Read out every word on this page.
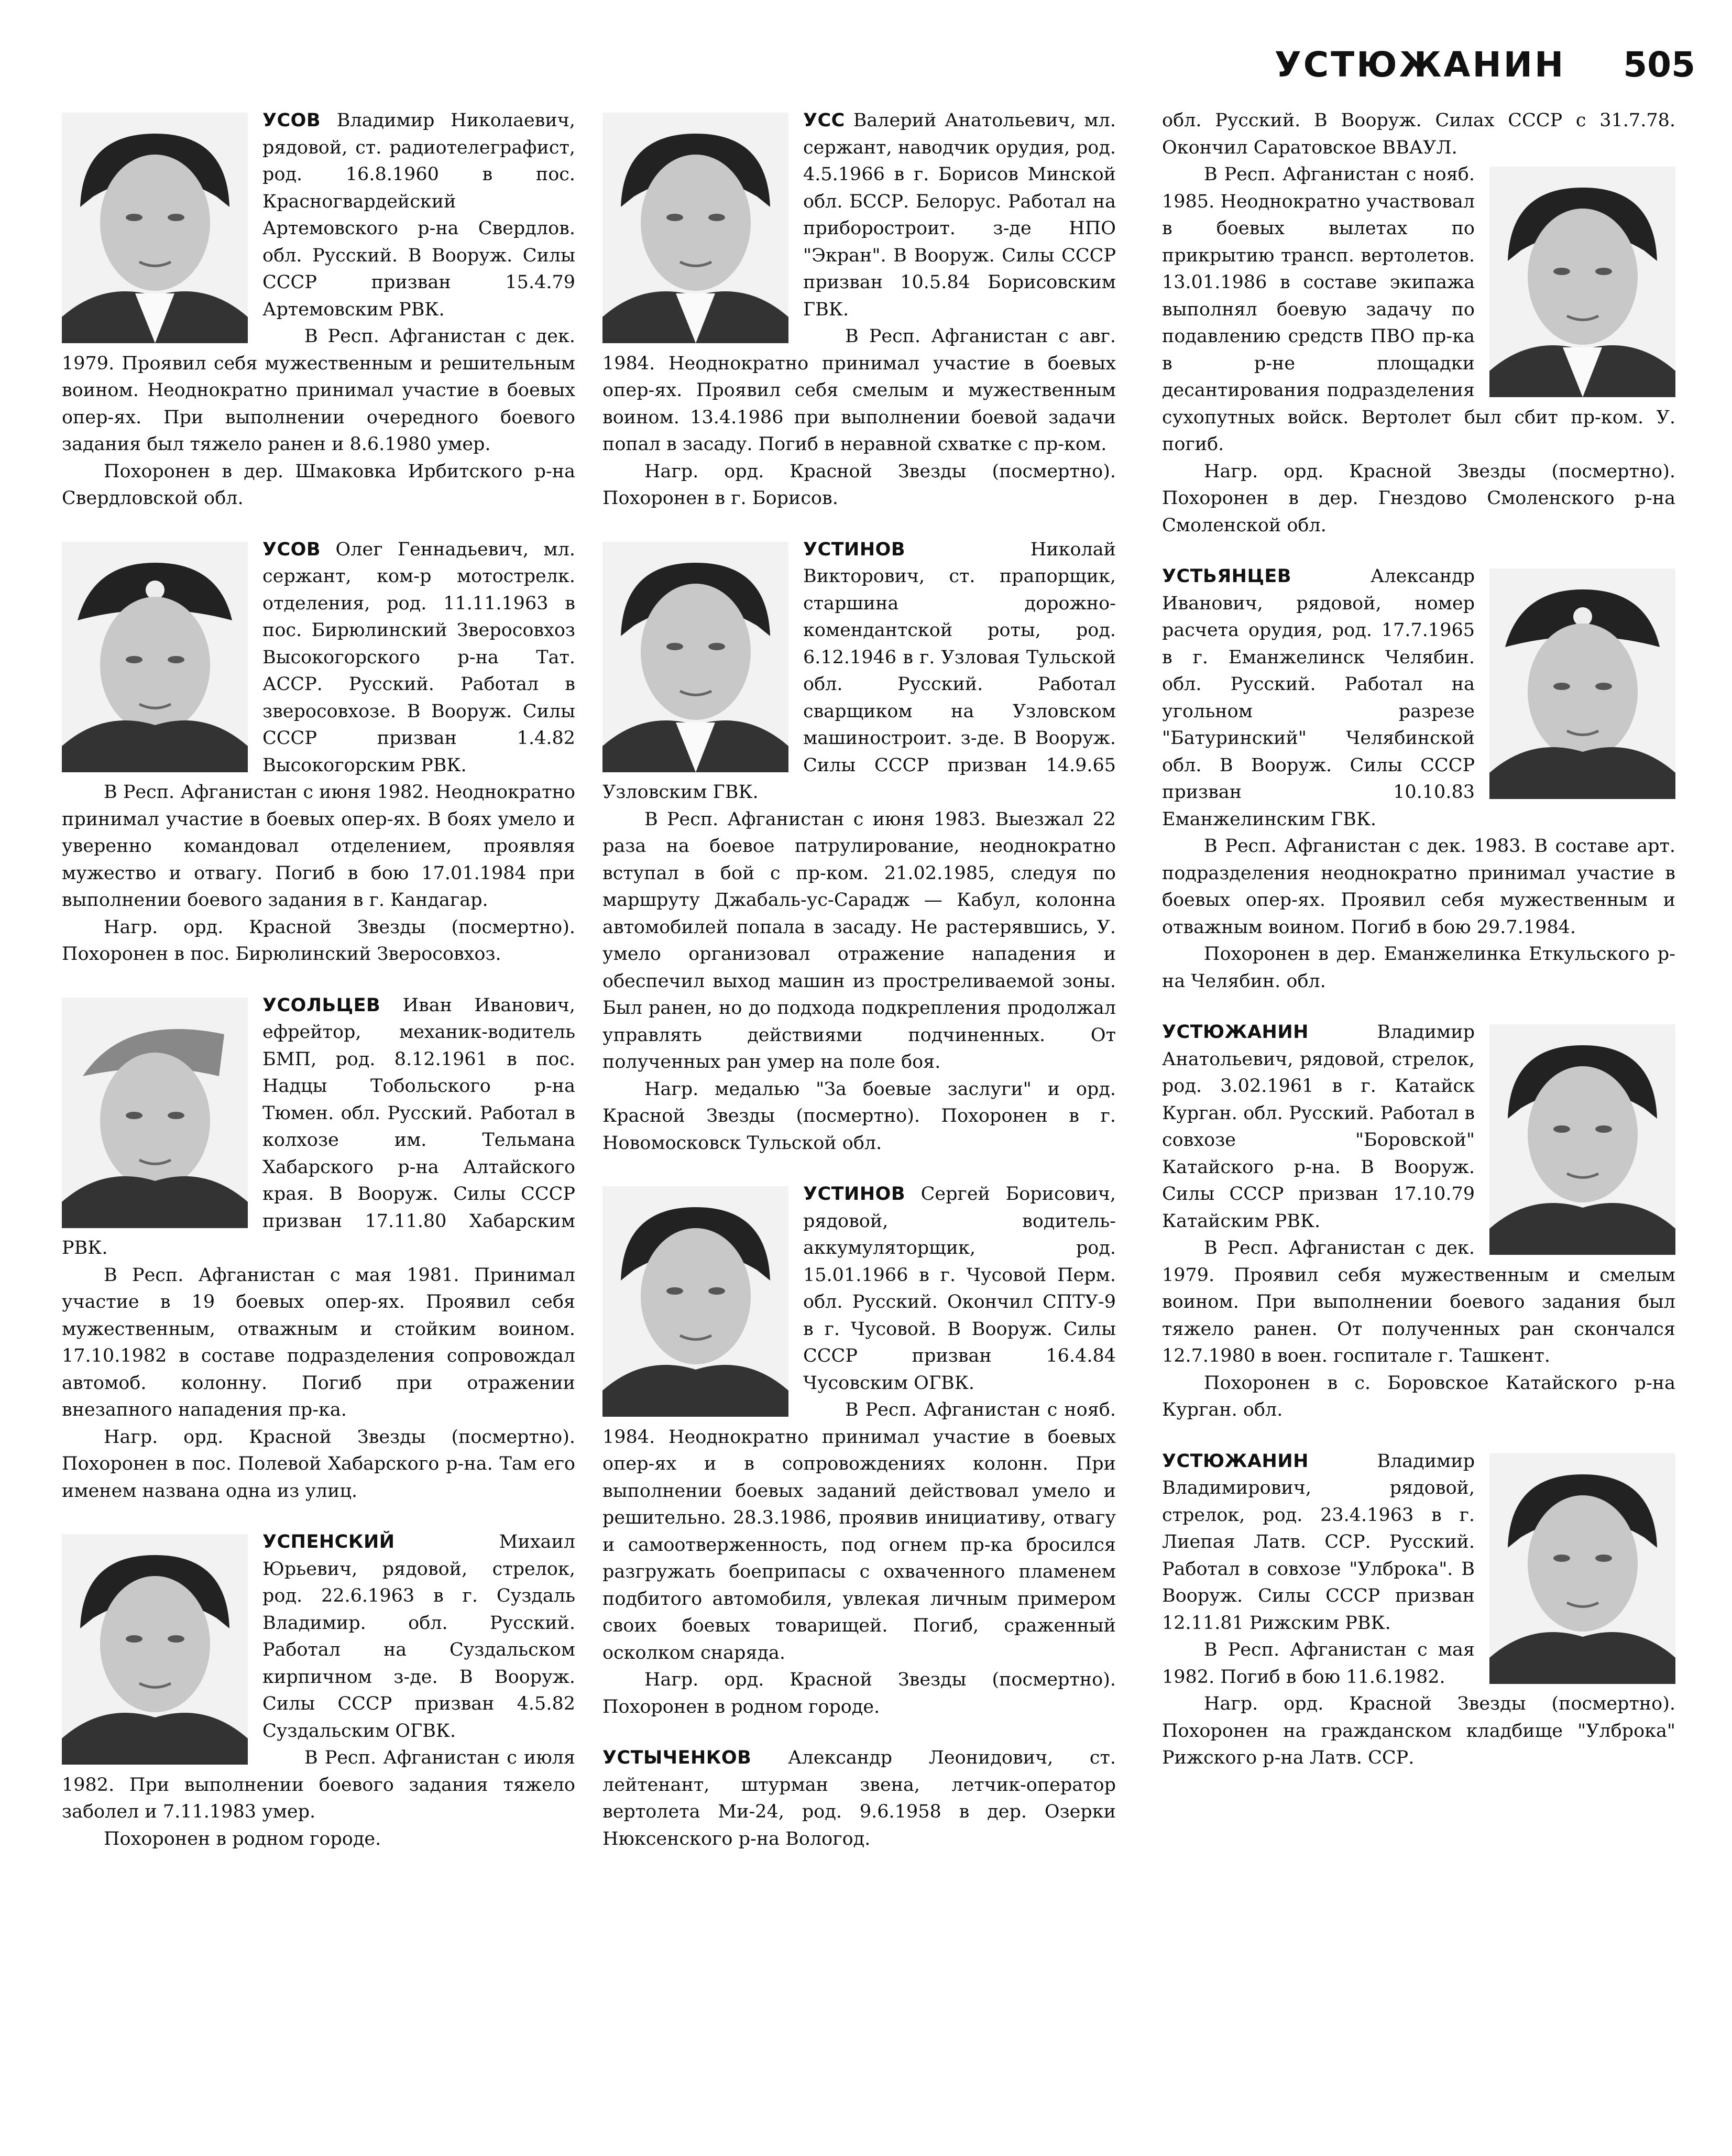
УСТЮЖАНИН 505

УСОВ Владимир Николаевич, рядовой, ст. радиотелеграфист, род. 16.8.1960 в пос. Красногвардейский Артемовского р-на Свердлов. обл. Русский. В Вооруж. Силы СССР призван 15.4.79 Артемовским РВК.

В Респ. Афганистан с дек. 1979. Проявил себя мужественным и решительным воином. Неоднократно принимал участие в боевых опер-ях. При выполнении очередного боевого задания был тяжело ранен и 8.6.1980 умер.

Похоронен в дер. Шмаковка Ирбитского р-на Свердловской обл.

УСОВ Олег Геннадьевич, мл. сержант, ком-р мотострелк. отделения, род. 11.11.1963 в пос. Бирюлинский Зверосовхоз Высокогорского р-на Тат. АССР. Русский. Работал в зверосовхозе. В Вооруж. Силы СССР призван 1.4.82 Высокогорским РВК.

В Респ. Афганистан с июня 1982. Неоднократно принимал участие в боевых опер-ях. В боях умело и уверенно командовал отделением, проявляя мужество и отвагу. Погиб в бою 17.01.1984 при выполнении боевого задания в г. Кандагар.

Нагр. орд. Красной Звезды (посмертно). Похоронен в пос. Бирюлинский Зверосовхоз.

УСОЛЬЦЕВ Иван Иванович, ефрейтор, механик-водитель БМП, род. 8.12.1961 в пос. Надцы Тобольского р-на Тюмен. обл. Русский. Работал в колхозе им. Тельмана Хабарского р-на Алтайского края. В Вооруж. Силы СССР призван 17.11.80 Хабарским РВК.

В Респ. Афганистан с мая 1981. Принимал участие в 19 боевых опер-ях. Проявил себя мужественным, отважным и стойким воином. 17.10.1982 в составе подразделения сопровождал автомоб. колонну. Погиб при отражении внезапного нападения пр-ка.

Нагр. орд. Красной Звезды (посмертно). Похоронен в пос. Полевой Хабарского р-на. Там его именем названа одна из улиц.

УСПЕНСКИЙ	Михаил Юрьевич, рядовой, стрелок, род. 22.6.1963 в г. Суздаль Владимир. обл. Русский. Работал на Суздальском кирпичном з-де. В Вооруж. Силы СССР призван 4.5.82 Суздальским ОГВК.

В Респ. Афганистан с июля 1982. При выполнении боевого задания тяжело заболел и 7.11.1983 умер.

Похоронен в родном городе.

УСС Валерий Анатольевич, мл. сержант, наводчик орудия, род. 4.5.1966 в г. Борисов Минской обл. БССР. Белорус. Работал на приборостроит. з-де НПО "Экран". В Вооруж. Силы СССР призван 10.5.84 Борисовским ГВК.

В Респ. Афганистан с авг. 1984. Неоднократно принимал участие в боевых опер-ях. Проявил себя смелым и мужественным воином. 13.4.1986 при выполнении боевой задачи попал в засаду. Погиб в неравной схватке с пр-ком.

Нагр. орд. Красной Звезды (посмертно). Похоронен в г. Борисов.

УСТИНОВ	Николай Викторович, ст. прапорщик, старшина дорожно-комендантской роты, род. 6.12.1946 в г. Узловая Тульской обл. Русский. Работал сварщиком на Узловском машиностроит. з-де. В Вооруж. Силы СССР призван 14.9.65 Узловским ГВК.

В Респ. Афганистан с июня 1983. Выезжал 22 раза на боевое патрулирование, неоднократно вступал в бой с пр-ком. 21.02.1985, следуя по маршруту Джабаль-ус-Сарадж — Кабул, колонна автомобилей попала в засаду. Не растерявшись, У. умело организовал отражение нападения и обеспечил выход машин из простреливаемой зоны. Был ранен, но до подхода подкрепления продолжал управлять действиями подчиненных. От полученных ран умер на поле боя.

Нагр. медалью "За боевые заслуги" и орд. Красной Звезды (посмертно). Похоронен в г. Новомосковск Тульской обл.

УСТИНОВ Сергей Борисович, рядовой, водитель-аккумуляторщик, род. 15.01.1966 в г. Чусовой Перм. обл. Русский. Окончил СПТУ-9 в г. Чусовой. В Вооруж. Силы СССР призван 16.4.84 Чусовским ОГВК.

В Респ. Афганистан с нояб. 1984. Неоднократно принимал участие в боевых опер-ях и в сопровождениях колонн. При выполнении боевых заданий действовал умело и решительно. 28.3.1986, проявив инициативу, отвагу и самоотверженность, под огнем пр-ка бросился разгружать боеприпасы с охваченного пламенем подбитого автомобиля, увлекая личным примером своих боевых товарищей. Погиб, сраженный осколком снаряда.

Нагр. орд. Красной Звезды (посмертно). Похоронен в родном городе.

УСТЫЧЕНКОВ Александр Леонидович, ст. лейтенант, штурман звена, летчик-оператор вертолета Ми-24, род. 9.6.1958 в дер. Озерки Нюксенского р-на Вологод.

обл. Русский. В Вооруж. Силах СССР с 31.7.78. Окончил Саратовское ВВАУЛ.

В Респ. Афганистан с нояб. 1985. Неоднократно участвовал в боевых вылетах по прикрытию трансп. вертолетов. 13.01.1986 в составе экипажа выполнял боевую задачу по подавлению средств ПВО пр-ка в р-не площадки десантирования подразделения сухопутных войск. Вертолет был сбит пр-ком. У. погиб.

Нагр. орд. Красной Звезды (посмертно). Похоронен в дер. Гнездово Смоленского р-на Смоленской обл.

УСТЬЯНЦЕВ	Александр Иванович, рядовой, номер расчета орудия, род. 17.7.1965 в г. Еманжелинск Челябин. обл. Русский. Работал на угольном разрезе "Батуринский" Челябинской обл. В Вооруж. Силы СССР призван 10.10.83 Еманжелинским ГВК.

В Респ. Афганистан с дек. 1983. В составе арт. подразделения неоднократно принимал участие в боевых опер-ях. Проявил себя мужественным и отважным воином. Погиб в бою 29.7.1984.

Похоронен в дер. Еманжелинка Еткульского р-на Челябин. обл.

УСТЮЖАНИН	Владимир Анатольевич, рядовой, стрелок, род. 3.02.1961 в г. Катайск Курган. обл. Русский. Работал в совхозе "Боровской" Катайского р-на. В Вооруж. Силы СССР призван 17.10.79 Катайским РВК.

В Респ. Афганистан с дек. 1979. Проявил себя мужественным и смелым воином. При выполнении боевого задания был тяжело ранен. От полученных ран скончался 12.7.1980 в воен. госпитале г. Ташкент.

Похоронен в с. Боровское Катайского р-на Курган. обл.

УСТЮЖАНИН	Владимир Владимирович, рядовой, стрелок, род. 23.4.1963 в г. Лиепая Латв. ССР. Русский. Работал в совхозе "Улброка". В Вооруж. Силы СССР призван 12.11.81 Рижским РВК.

В Респ. Афганистан с мая 1982. Погиб в бою 11.6.1982.

Нагр. орд. Красной Звезды (посмертно). Похоронен на гражданском кладбище "Улброка" Рижского р-на Латв. ССР.
